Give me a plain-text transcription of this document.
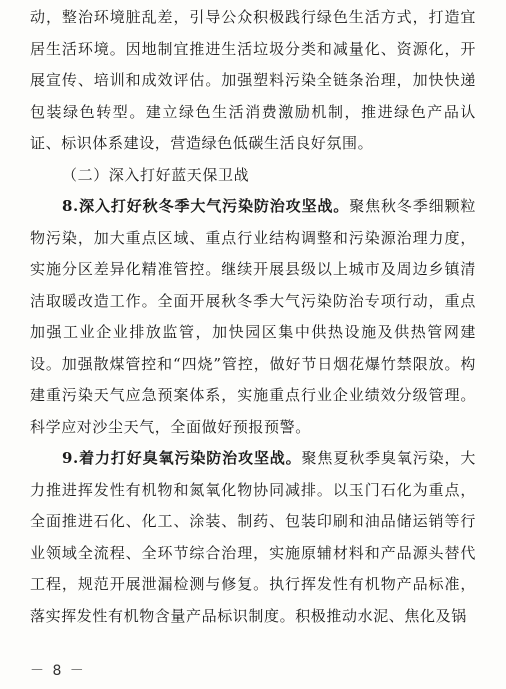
动，整治环境脏乱差，引导公众积极践行绿色生活方式，打造宜居生活环境。因地制宜推进生活垃圾分类和减量化、资源化，开展宣传、培训和成效评估。加强塑料污染全链条治理，加快快递包装绿色转型。建立绿色生活消费激励机制，推进绿色产品认证、标识体系建设，营造绿色低碳生活良好氛围。

（二）深入打好蓝天保卫战

8.深入打好秋冬季大气污染防治攻坚战。聚焦秋冬季细颗粒物污染，加大重点区域、重点行业结构调整和污染源治理力度，实施分区差异化精准管控。继续开展县级以上城市及周边乡镇清洁取暖改造工作。全面开展秋冬季大气污染防治专项行动，重点加强工业企业排放监管，加快园区集中供热设施及供热管网建设。加强散煤管控和“四烧”管控，做好节日烟花爆竹禁限放。构建重污染天气应急预案体系，实施重点行业企业绩效分级管理。科学应对沙尘天气，全面做好预报预警。

9.着力打好臭氧污染防治攻坚战。聚焦夏秋季臭氧污染，大力推进挥发性有机物和氮氧化物协同减排。以玉门石化为重点，全面推进石化、化工、涂装、制药、包装印刷和油品储运销等行业领域全流程、全环节综合治理，实施原辅材料和产品源头替代工程，规范开展泄漏检测与修复。执行挥发性有机物产品标准，落实挥发性有机物含量产品标识制度。积极推动水泥、焦化及锅

－ 8 －
